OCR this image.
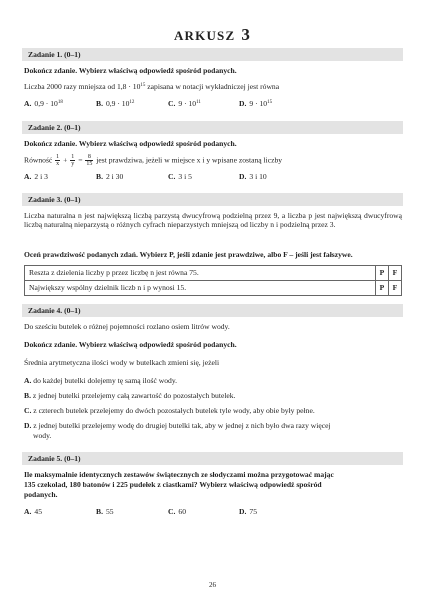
ARKUSZ 3
Zadanie 1. (0–1)
Dokończ zdanie. Wybierz właściwą odpowiedź spośród podanych.
Liczba 2000 razy mniejsza od $1,8 \cdot 10^{15}$ zapisana w notacji wykładniczej jest równa
A. $0,9 \cdot 10^{18}$	B. $0,9 \cdot 10^{12}$	C. $9 \cdot 10^{11}$	D. $9 \cdot 10^{15}$
Zadanie 2. (0–1)
Dokończ zdanie. Wybierz właściwą odpowiedź spośród podanych.
Równość $\frac{1}{x} + \frac{1}{y} = \frac{8}{15}$ jest prawdziwa, jeżeli w miejsce x i y wpisane zostaną liczby
A. 2 i 3	B. 2 i 30	C. 3 i 5	D. 3 i 10
Zadanie 3. (0–1)
Liczba naturalna n jest największą liczbą parzystą dwucyfrową podzielną przez 9, a liczba p jest największą dwucyfrową liczbą naturalną nieparzystą o różnych cyfrach nieparzystych mniejszą od liczby n i podzielną przez 3.
Oceń prawdziwość podanych zdań. Wybierz P, jeśli zdanie jest prawdziwe, albo F – jeśli jest fałszywe.
Reszta z dzielenia liczby p przez liczbę n jest równa 75.	P	F
Największy wspólny dzielnik liczb n i p wynosi 15.	P	F
Zadanie 4. (0–1)
Do sześciu butelek o różnej pojemności rozlano osiem litrów wody.
Dokończ zdanie. Wybierz właściwą odpowiedź spośród podanych.
Średnia arytmetyczna ilości wody w butelkach zmieni się, jeżeli
A. do każdej butelki dolejemy tę samą ilość wody.
B. z jednej butelki przelejemy całą zawartość do pozostałych butelek.
C. z czterech butelek przelejemy do dwóch pozostałych butelek tyle wody, aby obie były pełne.
D. z jednej butelki przelejemy wodę do drugiej butelki tak, aby w jednej z nich było dwa razy więcej
wody.
Zadanie 5. (0–1)
Ile maksymalnie identycznych zestawów świątecznych ze słodyczami można przygotować mając
135 czekolad, 180 batonów i 225 pudełek z ciastkami? Wybierz właściwą odpowiedź spośród
podanych.
A. 45	B. 55	C. 60	D. 75
26
